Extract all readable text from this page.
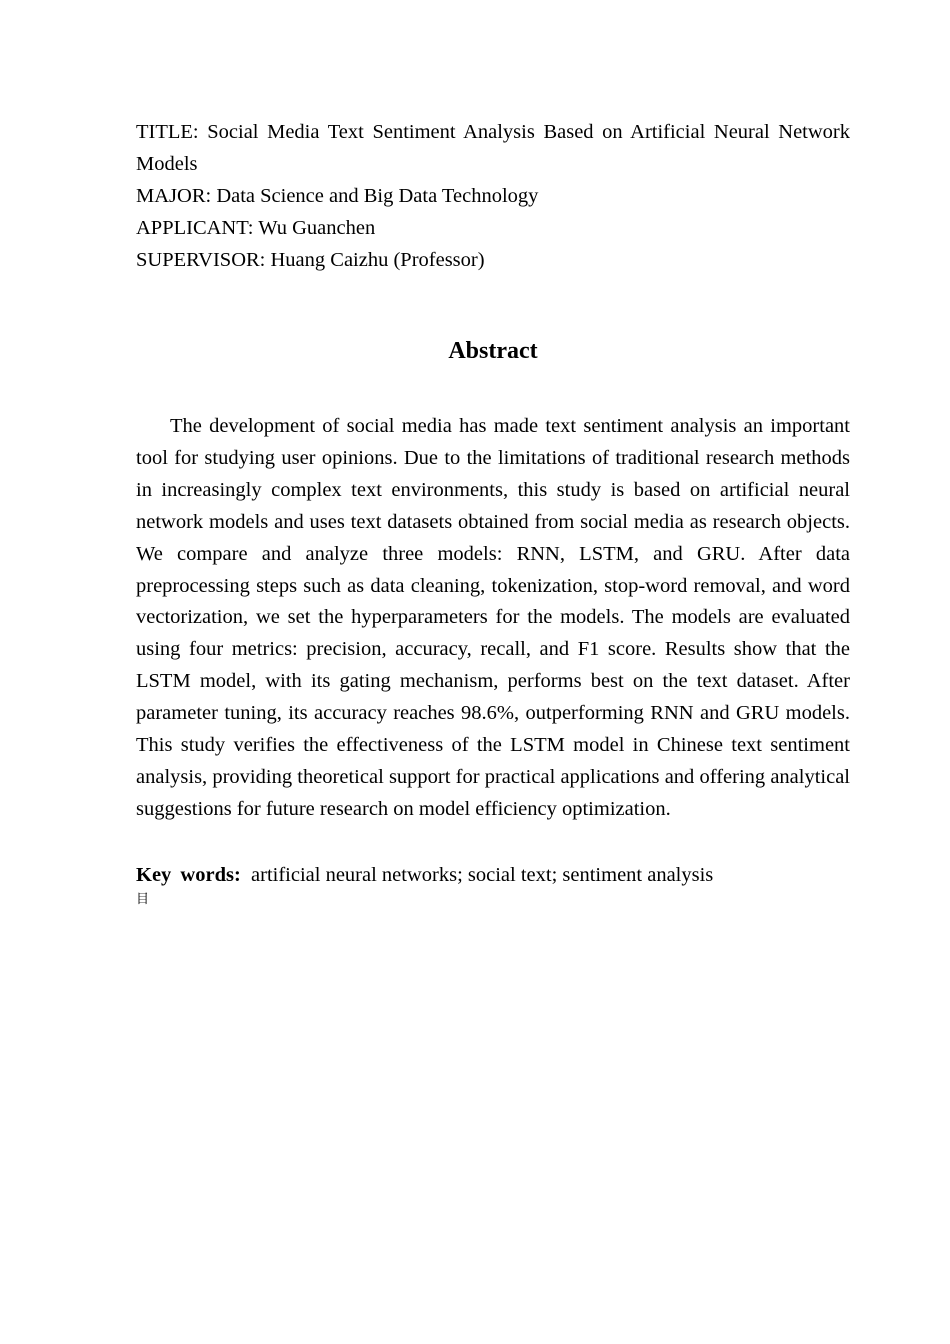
TITLE: Social Media Text Sentiment Analysis Based on Artificial Neural Network Models

MAJOR: Data Science and Big Data Technology

APPLICANT: Wu Guanchen

SUPERVISOR: Huang Caizhu (Professor)

Abstract

The development of social media has made text sentiment analysis an important tool for studying user opinions. Due to the limitations of traditional research methods in increasingly complex text environments, this study is based on artificial neural network models and uses text datasets obtained from social media as research objects. We compare and analyze three models: RNN, LSTM, and GRU. After data preprocessing steps such as data cleaning, tokenization, stop-word removal, and word vectorization, we set the hyperparameters for the models. The models are evaluated using four metrics: precision, accuracy, recall, and F1 score. Results show that the LSTM model, with its gating mechanism, performs best on the text dataset. After parameter tuning, its accuracy reaches 98.6%, outperforming RNN and GRU models. This study verifies the effectiveness of the LSTM model in Chinese text sentiment analysis, providing theoretical support for practical applications and offering analytical suggestions for future research on model efficiency optimization.

Key words: artificial neural networks; social text; sentiment analysis

目
